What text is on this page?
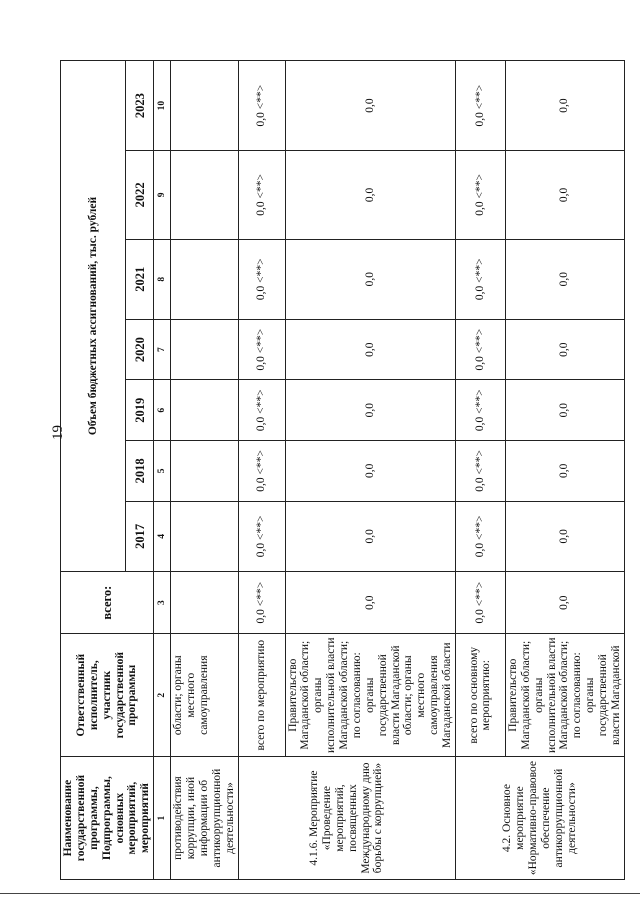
19
Наименование государственной программы, Подпрограммы, основных мероприятий, мероприятий	Ответственный исполнитель, участник государственной программы	всего:	Объем бюджетных ассигнований, тыс. рублей						
			2017	2018	2019	2020	2021	2022	2023
1	2	3	4	5	6	7	8	9	10
противодействия коррупции, иной информации об антикоррупционной деятельности»	области; органы местного самоуправления								
4.1.6. Мероприятие «Проведение мероприятий, посвященных Международному дню борьбы с коррупцией»	всего по мероприятию	0,0 <**>	0,0 <**>	0,0 <**>	0,0 <**>	0,0 <**>	0,0 <**>	0,0 <**>	0,0 <**>
	Правительство Магаданской области; органы исполнительной власти Магаданской области; по согласованию: органы государственной власти Магаданской области; органы местного самоуправления Магаданской области	0,0	0,0	0,0	0,0	0,0	0,0	0,0	0,0
4.2. Основное мероприятие «Нормативно-правовое обеспечение антикоррупционной деятельности»	всего по основному мероприятию:	0,0 <**>	0,0 <**>	0,0 <**>	0,0 <**>	0,0 <**>	0,0 <**>	0,0 <**>	0,0 <**>
	Правительство Магаданской области; органы исполнительной власти Магаданской области; по согласованию: органы государственной власти Магаданской	0,0	0,0	0,0	0,0	0,0	0,0	0,0	0,0
